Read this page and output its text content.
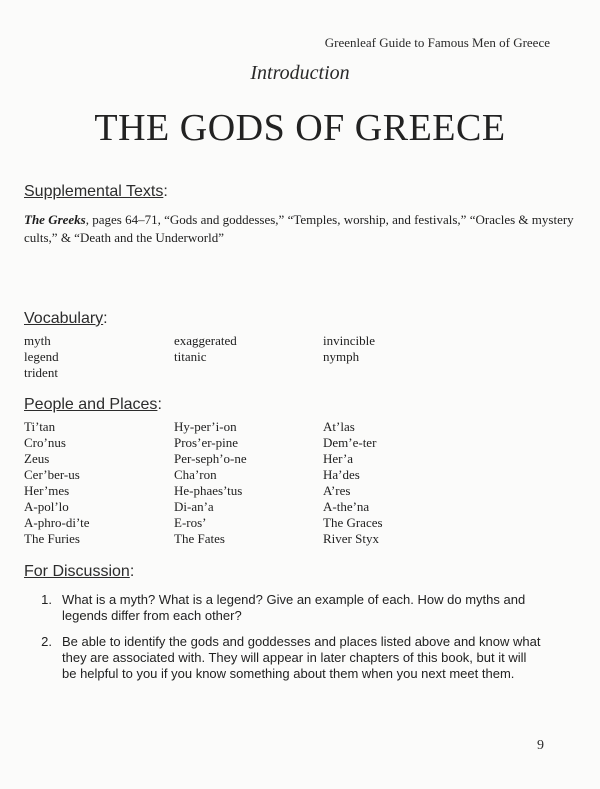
Greenleaf Guide to Famous Men of Greece
Introduction
THE GODS OF GREECE
Supplemental Texts:
The Greeks, pages 64–71, “Gods and goddesses,” “Temples, worship, and festivals,” “Oracles & mystery cults,” & “Death and the Underworld”
Vocabulary:
myth	exaggerated	invincible
legend	titanic	nymph
trident
People and Places:
Ti’tan	Hy-per’i-on	At’las
Cro’nus	Pros’er-pine	Dem’e-ter
Zeus	Per-seph’o-ne	Her’a
Cer’ber-us	Cha’ron	Ha’des
Her’mes	He-phaes’tus	A’res
A-pol’lo	Di-an’a	A-the’na
A-phro-di’te	E-ros’	The Graces
The Furies	The Fates	River Styx
For Discussion:
1. What is a myth? What is a legend? Give an example of each. How do myths and legends differ from each other?
2. Be able to identify the gods and goddesses and places listed above and know what they are associated with. They will appear in later chapters of this book, but it will be helpful to you if you know something about them when you next meet them.
9
